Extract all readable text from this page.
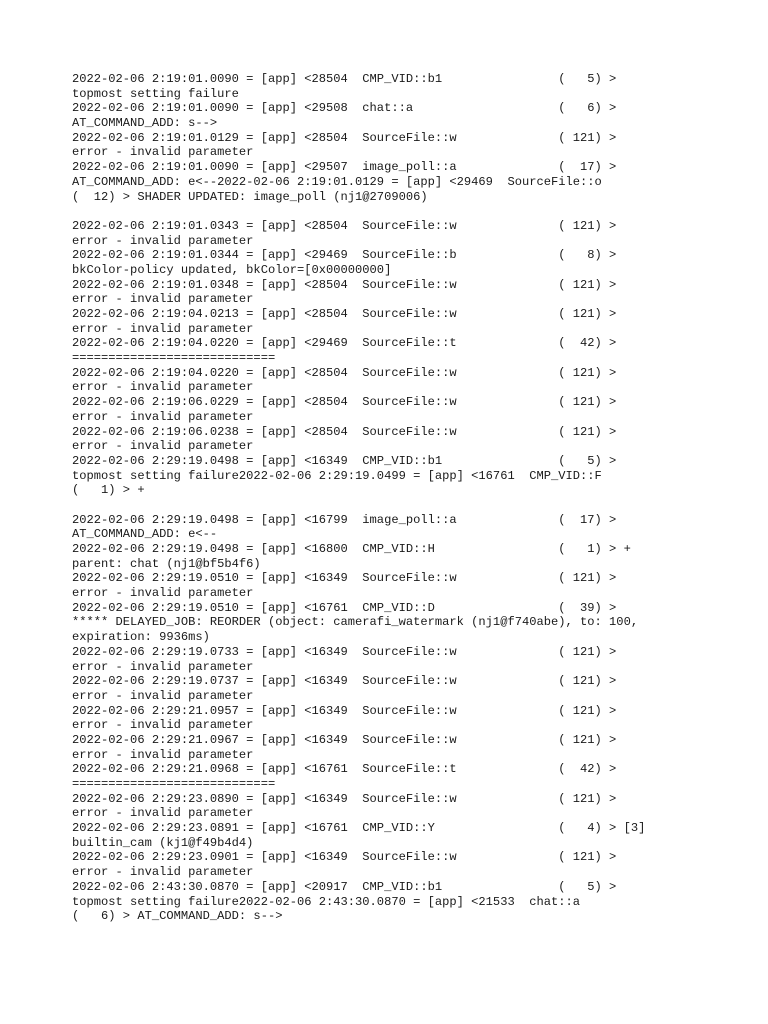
2022-02-06 2:19:01.0090 = [app] <28504  CMP_VID::b1                (   5) >
topmost setting failure
2022-02-06 2:19:01.0090 = [app] <29508  chat::a                    (   6) >
AT_COMMAND_ADD: s-->
2022-02-06 2:19:01.0129 = [app] <28504  SourceFile::w              ( 121) >
error - invalid parameter
2022-02-06 2:19:01.0090 = [app] <29507  image_poll::a              (  17) >
AT_COMMAND_ADD: e<--2022-02-06 2:19:01.0129 = [app] <29469  SourceFile::o
(  12) > SHADER UPDATED: image_poll (nj1@2709006)
2022-02-06 2:19:01.0343 = [app] <28504  SourceFile::w              ( 121) >
error - invalid parameter
2022-02-06 2:19:01.0344 = [app] <29469  SourceFile::b              (   8) >
bkColor-policy updated, bkColor=[0x00000000]
2022-02-06 2:19:01.0348 = [app] <28504  SourceFile::w              ( 121) >
error - invalid parameter
2022-02-06 2:19:04.0213 = [app] <28504  SourceFile::w              ( 121) >
error - invalid parameter
2022-02-06 2:19:04.0220 = [app] <29469  SourceFile::t              (  42) >
============================
2022-02-06 2:19:04.0220 = [app] <28504  SourceFile::w              ( 121) >
error - invalid parameter
2022-02-06 2:19:06.0229 = [app] <28504  SourceFile::w              ( 121) >
error - invalid parameter
2022-02-06 2:19:06.0238 = [app] <28504  SourceFile::w              ( 121) >
error - invalid parameter
2022-02-06 2:29:19.0498 = [app] <16349  CMP_VID::b1                (   5) >
topmost setting failure2022-02-06 2:29:19.0499 = [app] <16761  CMP_VID::F
(   1) > +
2022-02-06 2:29:19.0498 = [app] <16799  image_poll::a              (  17) >
AT_COMMAND_ADD: e<--
2022-02-06 2:29:19.0498 = [app] <16800  CMP_VID::H                 (   1) > +
parent: chat (nj1@bf5b4f6)
2022-02-06 2:29:19.0510 = [app] <16349  SourceFile::w              ( 121) >
error - invalid parameter
2022-02-06 2:29:19.0510 = [app] <16761  CMP_VID::D                 (  39) >
***** DELAYED_JOB: REORDER (object: camerafi_watermark (nj1@f740abe), to: 100,
expiration: 9936ms)
2022-02-06 2:29:19.0733 = [app] <16349  SourceFile::w              ( 121) >
error - invalid parameter
2022-02-06 2:29:19.0737 = [app] <16349  SourceFile::w              ( 121) >
error - invalid parameter
2022-02-06 2:29:21.0957 = [app] <16349  SourceFile::w              ( 121) >
error - invalid parameter
2022-02-06 2:29:21.0967 = [app] <16349  SourceFile::w              ( 121) >
error - invalid parameter
2022-02-06 2:29:21.0968 = [app] <16761  SourceFile::t              (  42) >
============================
2022-02-06 2:29:23.0890 = [app] <16349  SourceFile::w              ( 121) >
error - invalid parameter
2022-02-06 2:29:23.0891 = [app] <16761  CMP_VID::Y                 (   4) > [3]
builtin_cam (kj1@f49b4d4)
2022-02-06 2:29:23.0901 = [app] <16349  SourceFile::w              ( 121) >
error - invalid parameter
2022-02-06 2:43:30.0870 = [app] <20917  CMP_VID::b1                (   5) >
topmost setting failure2022-02-06 2:43:30.0870 = [app] <21533  chat::a
(   6) > AT_COMMAND_ADD: s-->
